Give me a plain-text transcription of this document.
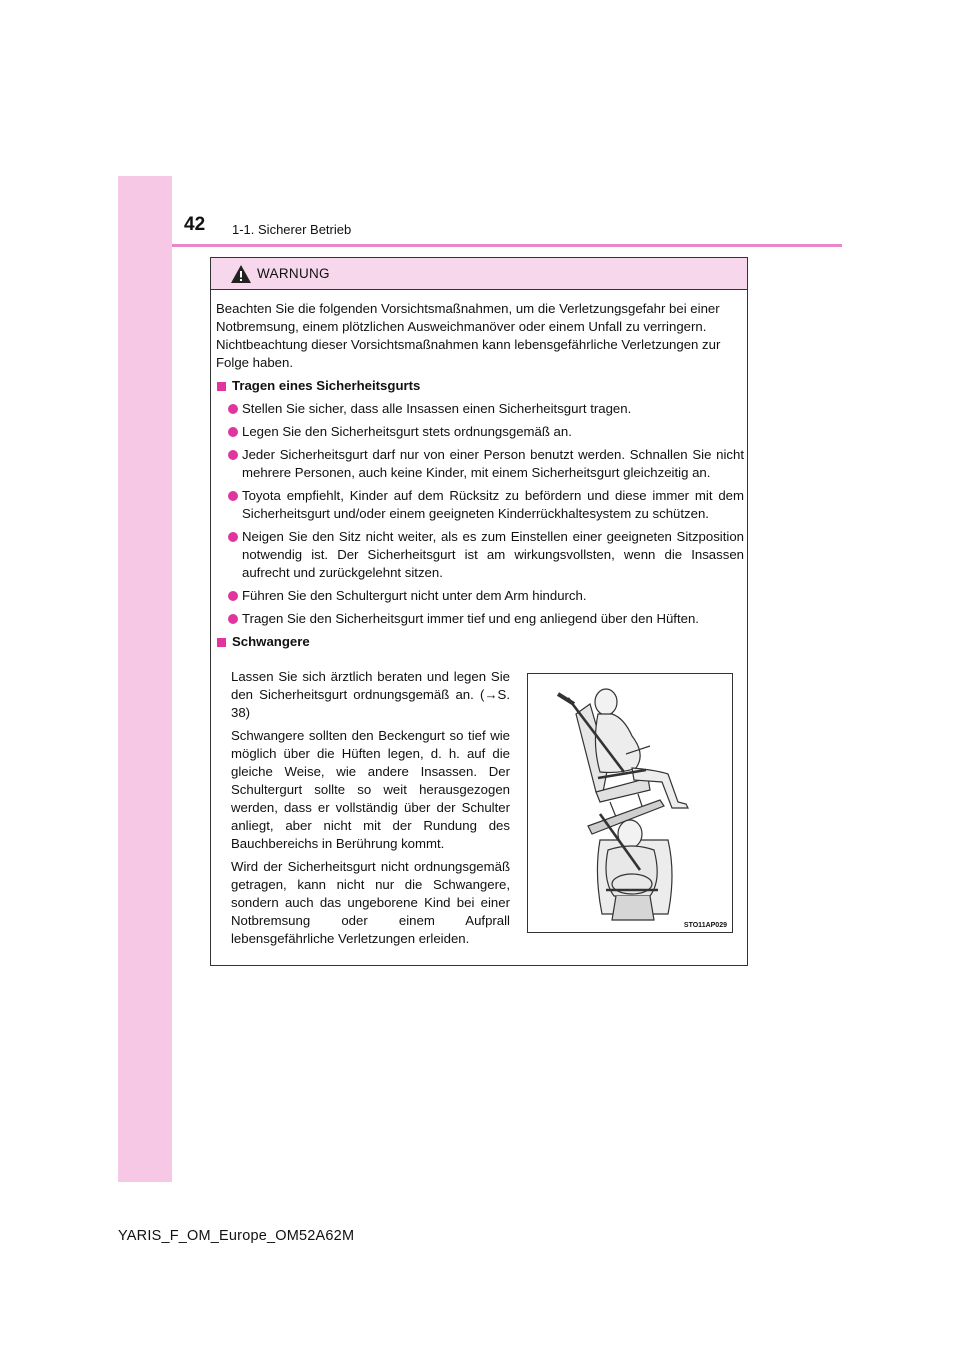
42 1-1. Sicherer Betrieb
WARNUNG

Beachten Sie die folgenden Vorsichtsmaßnahmen, um die Verletzungsgefahr bei einer Notbremsung, einem plötzlichen Ausweichmanöver oder einem Unfall zu verringern. Nichtbeachtung dieser Vorsichtsmaßnahmen kann lebensgefährliche Verletzungen zur Folge haben.

Tragen eines Sicherheitsgurts
Stellen Sie sicher, dass alle Insassen einen Sicherheitsgurt tragen.
Legen Sie den Sicherheitsgurt stets ordnungsgemäß an.
Jeder Sicherheitsgurt darf nur von einer Person benutzt werden. Schnallen Sie nicht mehrere Personen, auch keine Kinder, mit einem Sicherheitsgurt gleichzeitig an.
Toyota empfiehlt, Kinder auf dem Rücksitz zu befördern und diese immer mit dem Sicherheitsgurt und/oder einem geeigneten Kinderrückhaltesystem zu schützen.
Neigen Sie den Sitz nicht weiter, als es zum Einstellen einer geeigneten Sitzposition notwendig ist. Der Sicherheitsgurt ist am wirkungsvollsten, wenn die Insassen aufrecht und zurückgelehnt sitzen.
Führen Sie den Schultergurt nicht unter dem Arm hindurch.
Tragen Sie den Sicherheitsgurt immer tief und eng anliegend über den Hüften.
Schwangere

Lassen Sie sich ärztlich beraten und legen Sie den Sicherheitsgurt ordnungsgemäß an. (→S. 38)

Schwangere sollten den Beckengurt so tief wie möglich über die Hüften legen, d. h. auf die gleiche Weise, wie andere Insassen. Der Schultergurt sollte so weit herausgezogen werden, dass er vollständig über der Schulter anliegt, aber nicht mit der Rundung des Bauchbereichs in Berührung kommt.

Wird der Sicherheitsgurt nicht ordnungsgemäß getragen, kann nicht nur die Schwangere, sondern auch das ungeborene Kind bei einer Notbremsung oder einem Aufprall lebensgefährliche Verletzungen erleiden.

STO11AP029
YARIS_F_OM_Europe_OM52A62M
